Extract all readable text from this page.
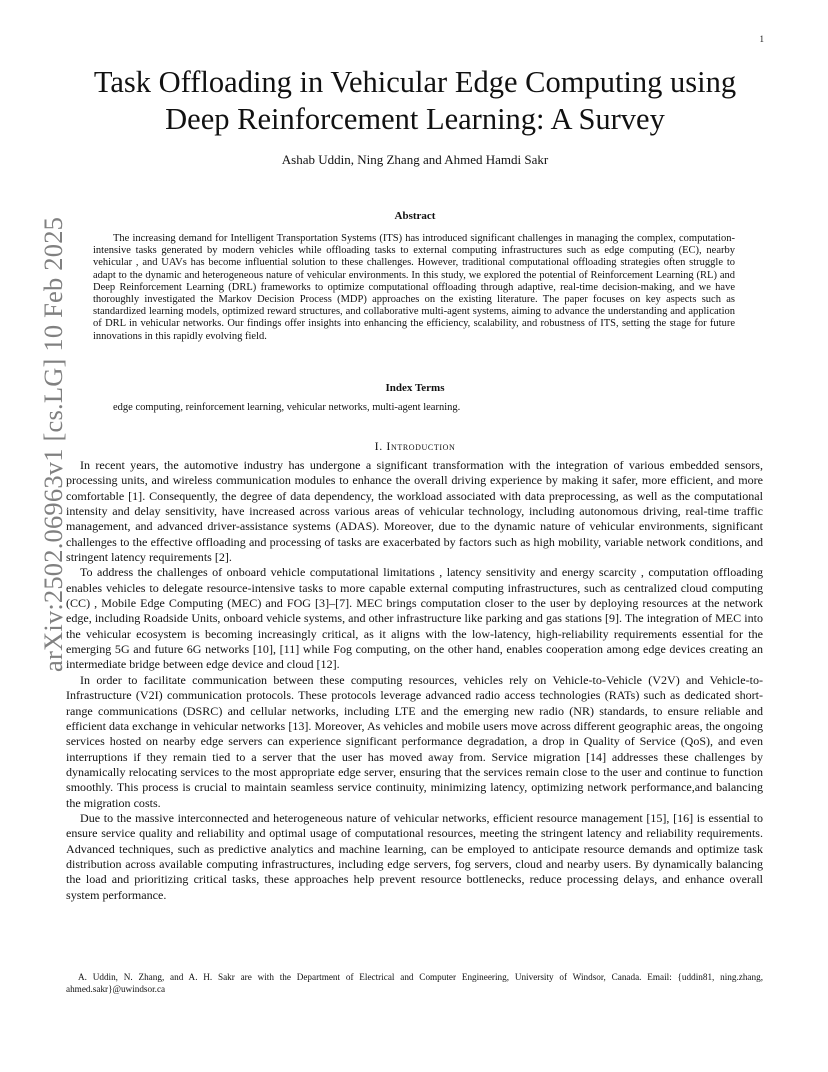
1
arXiv:2502.06963v1 [cs.LG] 10 Feb 2025
Task Offloading in Vehicular Edge Computing using
Deep Reinforcement Learning: A Survey
Ashab Uddin, Ning Zhang and Ahmed Hamdi Sakr
Abstract

The increasing demand for Intelligent Transportation Systems (ITS) has introduced significant challenges in managing the complex, computation-intensive tasks generated by modern vehicles while offloading tasks to external computing infrastructures such as edge computing (EC), nearby vehicular , and UAVs has become influential solution to these challenges. However, traditional computational offloading strategies often struggle to adapt to the dynamic and heterogeneous nature of vehicular environments. In this study, we explored the potential of Reinforcement Learning (RL) and Deep Reinforcement Learning (DRL) frameworks to optimize computational offloading through adaptive, real-time decision-making, and we have thoroughly investigated the Markov Decision Process (MDP) approaches on the existing literature. The paper focuses on key aspects such as standardized learning models, optimized reward structures, and collaborative multi-agent systems, aiming to advance the understanding and application of DRL in vehicular networks. Our findings offer insights into enhancing the efficiency, scalability, and robustness of ITS, setting the stage for future innovations in this rapidly evolving field.

Index Terms
edge computing, reinforcement learning, vehicular networks, multi-agent learning.
I. Introduction

In recent years, the automotive industry has undergone a significant transformation with the integration of various embedded sensors, processing units, and wireless communication modules to enhance the overall driving experience by making it safer, more efficient, and more comfortable [1]. Consequently, the degree of data dependency, the workload associated with data preprocessing, as well as the computational intensity and delay sensitivity, have increased across various areas of vehicular technology, including autonomous driving, real-time traffic management, and advanced driver-assistance systems (ADAS). Moreover, due to the dynamic nature of vehicular environments, significant challenges to the effective offloading and processing of tasks are exacerbated by factors such as high mobility, variable network conditions, and stringent latency requirements [2].

To address the challenges of onboard vehicle computational limitations , latency sensitivity and energy scarcity , computation offloading enables vehicles to delegate resource-intensive tasks to more capable external computing infrastructures, such as centralized cloud computing (CC) , Mobile Edge Computing (MEC) and FOG [3]–[7]. MEC brings computation closer to the user by deploying resources at the network edge, including Roadside Units, onboard vehicle systems, and other infrastructure like parking and gas stations [9]. The integration of MEC into the vehicular ecosystem is becoming increasingly critical, as it aligns with the low-latency, high-reliability requirements essential for the emerging 5G and future 6G networks [10], [11] while Fog computing, on the other hand, enables cooperation among edge devices creating an intermediate bridge between edge device and cloud [12].

In order to facilitate communication between these computing resources, vehicles rely on Vehicle-to-Vehicle (V2V) and Vehicle-to-Infrastructure (V2I) communication protocols. These protocols leverage advanced radio access technologies (RATs) such as dedicated short-range communications (DSRC) and cellular networks, including LTE and the emerging new radio (NR) standards, to ensure reliable and efficient data exchange in vehicular networks [13]. Moreover, As vehicles and mobile users move across different geographic areas, the ongoing services hosted on nearby edge servers can experience significant performance degradation, a drop in Quality of Service (QoS), and even interruptions if they remain tied to a server that the user has moved away from. Service migration [14] addresses these challenges by dynamically relocating services to the most appropriate edge server, ensuring that the services remain close to the user and continue to function smoothly. This process is crucial to maintain seamless service continuity, minimizing latency, optimizing network performance,and balancing the migration costs.

Due to the massive interconnected and heterogeneous nature of vehicular networks, efficient resource management [15], [16] is essential to ensure service quality and reliability and optimal usage of computational resources, meeting the stringent latency and reliability requirements. Advanced techniques, such as predictive analytics and machine learning, can be employed to anticipate resource demands and optimize task distribution across available computing infrastructures, including edge servers, fog servers, cloud and nearby users. By dynamically balancing the load and prioritizing critical tasks, these approaches help prevent resource bottlenecks, reduce processing delays, and enhance overall system performance.

A. Uddin, N. Zhang, and A. H. Sakr are with the Department of Electrical and Computer Engineering, University of Windsor, Canada. Email: {uddin81, ning.zhang, ahmed.sakr}@uwindsor.ca
